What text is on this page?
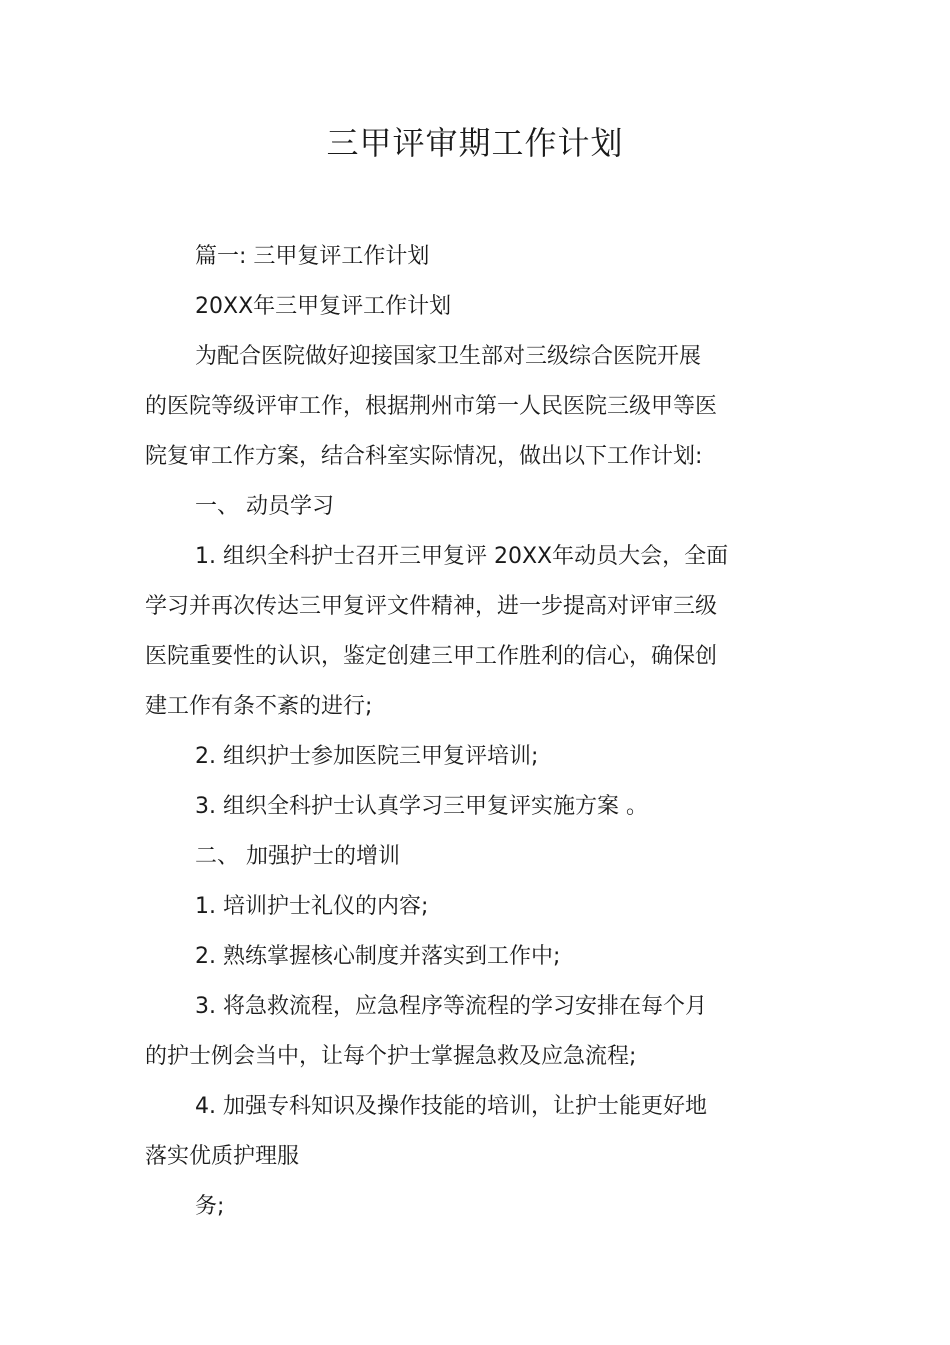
三甲评审期工作计划
篇一: 三甲复评工作计划
20XX年三甲复评工作计划
为配合医院做好迎接国家卫生部对三级综合医院开展
的医院等级评审工作，根据荆州市第一人民医院三级甲等医
院复审工作方案，结合科室实际情况，做出以下工作计划:
一、 动员学习
1. 组织全科护士召开三甲复评 20XX年动员大会，全面
学习并再次传达三甲复评文件精神，进一步提高对评审三级
医院重要性的认识，鉴定创建三甲工作胜利的信心，确保创
建工作有条不紊的进行;
2. 组织护士参加医院三甲复评培训;
3. 组织全科护士认真学习三甲复评实施方案 。
二、 加强护士的增训
1. 培训护士礼仪的内容;
2. 熟练掌握核心制度并落实到工作中;
3. 将急救流程，应急程序等流程的学习安排在每个月
的护士例会当中，让每个护士掌握急救及应急流程;
4. 加强专科知识及操作技能的培训，让护士能更好地
落实优质护理服
务;
